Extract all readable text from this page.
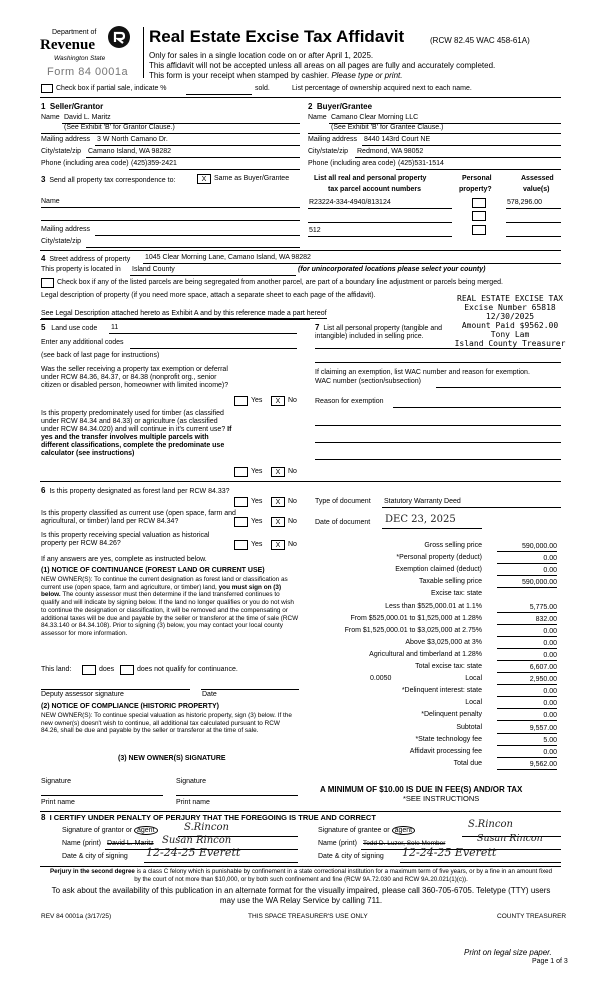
Department of
Revenue
Washington State
Form 84 0001a
Real Estate Excise Tax Affidavit	(RCW 82.45 WAC 458-61A)
Only for sales in a single location code on or after April 1, 2025.
This affidavit will not be accepted unless all areas on all pages are fully and accurately completed.
This form is your receipt when stamped by cashier. Please type or print.
Check box if partial sale, indicate %	sold.	List percentage of ownership acquired next to each name.
1 Seller/Grantor
Name David L. Maritz
(See Exhibit 'B' for Grantor Clause.)
Mailing address 3 W North Camano Dr.
City/state/zip Camano Island, WA 98282
Phone (including area code) (425)359-2421
2 Buyer/Grantee
Name Camano Clear Morning LLC
(See Exhibit 'B' for Grantee Clause.)
Mailing address 8440 143rd Court NE
City/state/zip Redmond, WA 98052
Phone (including area code) (425)531-1514
3 Send all property tax correspondence to:	X	Same as Buyer/Grantee
Name
Mailing address
City/state/zip
List all real and personal property
tax parcel account numbers
Personal
property?
Assessed
value(s)
R23224-334-4940/813124	578,296.00
512
4 Street address of property 1045 Clear Morning Lane, Camano Island, WA 98282
This property is located in Island County	(for unincorporated locations please select your county)
Check box if any of the listed parcels are being segregated from another parcel, are part of a boundary line adjustment or parcels being merged.
Legal description of property (if you need more space, attach a separate sheet to each page of the affidavit).
See Legal Description attached hereto as Exhibit A and by this reference made a part hereof
REAL ESTATE EXCISE TAX
Excise Number 65818
12/30/2025
Amount Paid $9562.00
Tony Lam
Island County Treasurer
5 Land use code 11
Enter any additional codes
(see back of last page for instructions)
Was the seller receiving a property tax exemption or deferral under RCW 84.36, 84.37, or 84.38 (nonprofit org., senior citizen or disabled person, homeowner with limited income)?
Yes	X	No
Is this property predominately used for timber (as classified under RCW 84.34 and 84.33) or agriculture (as classified under RCW 84.34.020) and will continue in it's current use? If yes and the transfer involves multiple parcels with different classifications, complete the predominate use calculator (see instructions)
Yes	X	No
7 List all personal property (tangible and intangible) included in selling price.
If claiming an exemption, list WAC number and reason for exemption.
WAC number (section/subsection)
Reason for exemption
6 Is this property designated as forest land per RCW 84.33?
Yes	X	No
Is this property classified as current use (open space, farm and agricultural, or timber) land per RCW 84.34?	Yes	X	No
Is this property receiving special valuation as historical property per RCW 84.26?	Yes	X	No
If any answers are yes, complete as instructed below.
(1) NOTICE OF CONTINUANCE (FOREST LAND OR CURRENT USE)
NEW OWNER(S): To continue the current designation as forest land or classification as current use (open space, farm and agriculture, or timber) land, you must sign on (3) below. The county assessor must then determine if the land transferred continues to qualify and will indicate by signing below. If the land no longer qualifies or you do not wish to continue the designation or classification, it will be removed and the compensating or additional taxes will be due and payable by the seller or transferor at the time of sale (RCW 84.33.140 or 84.34.108). Prior to signing (3) below, you may contact your local county assessor for more information.
This land:	does	does not qualify for continuance.
Deputy assessor signature	Date
(2) NOTICE OF COMPLIANCE (HISTORIC PROPERTY)
NEW OWNER(S): To continue special valuation as historic property, sign (3) below. If the new owner(s) doesn't wish to continue, all additional tax calculated pursuant to RCW 84.26, shall be due and payable by the seller or transferor at the time of sale.
(3) NEW OWNER(S) SIGNATURE
Signature	Signature
Print name	Print name
Type of document Statutory Warranty Deed
Date of document DEC 23, 2025
Gross selling price	590,000.00
*Personal property (deduct)	0.00
Exemption claimed (deduct)	0.00
Taxable selling price	590,000.00
Excise tax: state
Less than $525,000.01 at 1.1%	5,775.00
From $525,000.01 to $1,525,000 at 1.28%	832.00
From $1,525,000.01 to $3,025,000 at 2.75%	0.00
Above $3,025,000 at 3%	0.00
Agricultural and timberland at 1.28%	0.00
Total excise tax: state	6,607.00
Local
0.0050	2,950.00
*Delinquent interest: state	0.00
Local	0.00
*Delinquent penalty	0.00
Subtotal	9,557.00
*State technology fee	5.00
Affidavit processing fee	0.00
Total due	9,562.00
A MINIMUM OF $10.00 IS DUE IN FEE(S) AND/OR TAX
*SEE INSTRUCTIONS
8 I CERTIFY UNDER PENALTY OF PERJURY THAT THE FOREGOING IS TRUE AND CORRECT
Signature of grantor or agent	S.Rincon
Name (print) David L. Maritz Susan Rincon
Date & city of signing 12-24-25 Everett
Signature of grantee or agent
S.Rincon
Name (print) Todd D. Luzer, Sole Member	Susan Rincon
Date & city of signing 12-24-25 Everett
Perjury in the second degree is a class C felony which is punishable by confinement in a state correctional institution for a maximum term of five years, or by a fine in an amount fixed by the court of not more than $10,000, or by both such confinement and fine (RCW 9A.72.030 and RCW 9A.20.021(1)(c)).
To ask about the availability of this publication in an alternate format for the visually impaired, please call 360-705-6705. Teletype (TTY) users may use the WA Relay Service by calling 711.
REV 84 0001a (3/17/25)	THIS SPACE TREASURER'S USE ONLY	COUNTY TREASURER
Print on legal size paper.
Page 1 of 3
